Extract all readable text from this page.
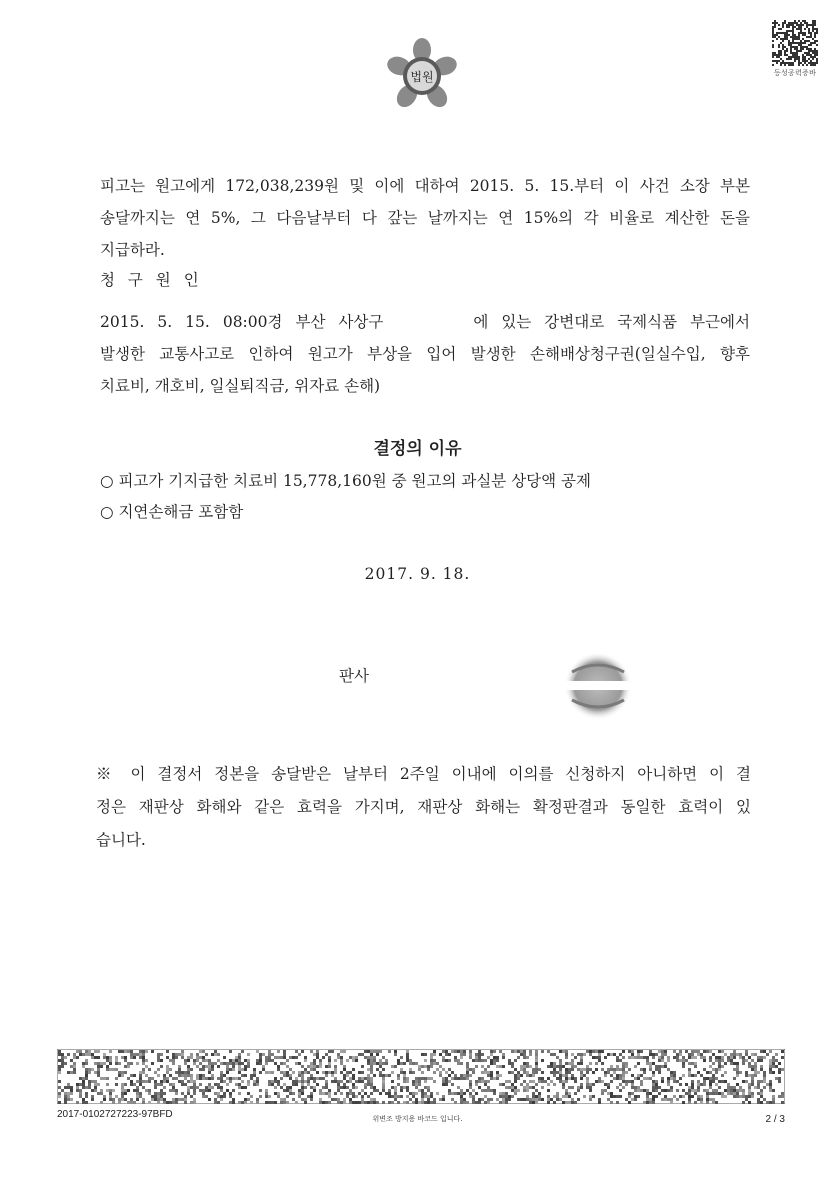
법원	등성공력증바

피고는 원고에게 172,038,239원 및 이에 대하여 2015. 5. 15.부터 이 사건 소장 부본
송달까지는 연 5%, 그 다음날부터 다 갚는 날까지는 연 15%의 각 비율로 계산한 돈을
지급하라.

청 구 원 인

2015. 5. 15. 08:00경 부산 사상구	에 있는 강변대로 국제식품 부근에서
발생한 교통사고로 인하여 원고가 부상을 입어 발생한 손해배상청구권(일실수입, 향후
치료비, 개호비, 일실퇴직금, 위자료 손해)

결정의 이유

○ 피고가 기지급한 치료비 15,778,160원 중 원고의 과실분 상당액 공제

○ 지연손해금 포함함

2017. 9. 18.

판사

※ 이 결정서 정본을 송달받은 날부터 2주일 이내에 이의를 신청하지 아니하면 이 결
정은 재판상 화해와 같은 효력을 가지며, 재판상 화해는 확정판결과 동일한 효력이 있
습니다.

2017-0102727223-97BFD	위변조 방지용 바코드 입니다.	2 / 3
